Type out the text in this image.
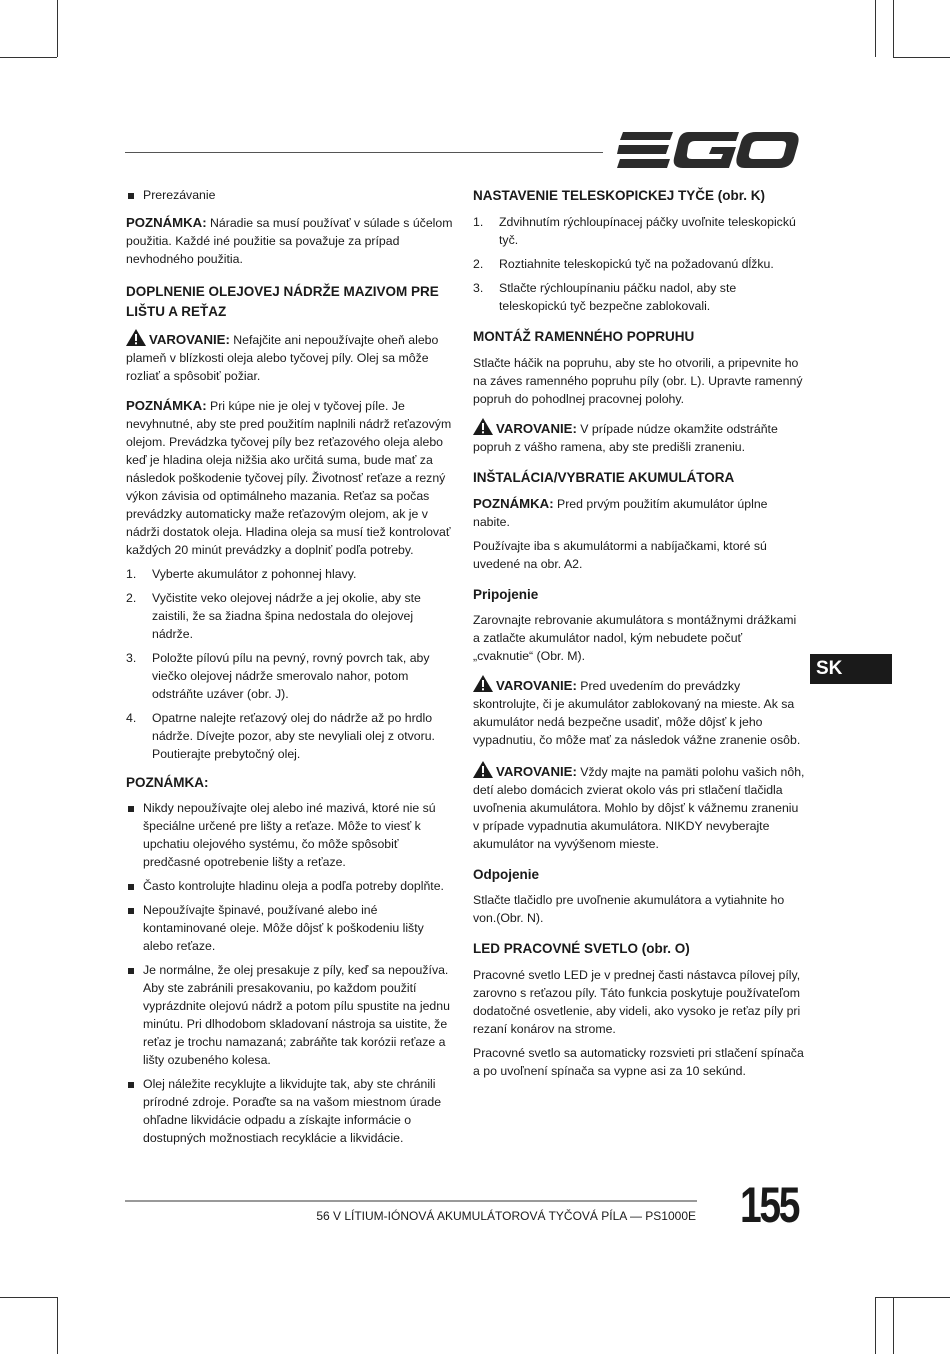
Prerezávanie

POZNÁMKA: Náradie sa musí používať v súlade s účelom použitia. Každé iné použitie sa považuje za prípad nevhodného použitia.

DOPLNENIE OLEJOVEJ NÁDRŽE MAZIVOM PRE LIŠTU A REŤAZ

VAROVANIE: Nefajčite ani nepoužívajte oheň alebo plameň v blízkosti oleja alebo tyčovej píly. Olej sa môže rozliať a spôsobiť požiar.

POZNÁMKA: Pri kúpe nie je olej v tyčovej píle. Je nevyhnutné, aby ste pred použitím naplnili nádrž reťazovým olejom. Prevádzka tyčovej píly bez reťazového oleja alebo keď je hladina oleja nižšia ako určitá suma, bude mať za následok poškodenie tyčovej píly. Životnosť reťaze a rezný výkon závisia od optimálneho mazania. Reťaz sa počas prevádzky automaticky maže reťazovým olejom, ak je v nádrži dostatok oleja. Hladina oleja sa musí tiež kontrolovať každých 20 minút prevádzky a doplniť podľa potreby.

1. Vyberte akumulátor z pohonnej hlavy.
2. Vyčistite veko olejovej nádrže a jej okolie, aby ste zaistili, že sa žiadna špina nedostala do olejovej nádrže.
3. Položte pílovú pílu na pevný, rovný povrch tak, aby viečko olejovej nádrže smerovalo nahor, potom odstráňte uzáver (obr. J).
4. Opatrne nalejte reťazový olej do nádrže až po hrdlo nádrže. Dívejte pozor, aby ste nevyliali olej z otvoru. Poutierajte prebytočný olej.
POZNÁMKA:
Nikdy nepoužívajte olej alebo iné mazivá, ktoré nie sú špeciálne určené pre lišty a reťaze. Môže to viesť k upchatiu olejového systému, čo môže spôsobiť predčasné opotrebenie lišty a reťaze.
Často kontrolujte hladinu oleja a podľa potreby doplňte.
Nepoužívajte špinavé, používané alebo iné kontaminované oleje. Môže dôjsť k poškodeniu lišty alebo reťaze.
Je normálne, že olej presakuje z píly, keď sa nepoužíva. Aby ste zabránili presakovaniu, po každom použití vyprázdnite olejovú nádrž a potom pílu spustite na jednu minútu. Pri dlhodobom skladovaní nástroja sa uistite, že reťaz je trochu namazaná; zabráňte tak korózii reťaze a lišty ozubeného kolesa.
Olej náležite recyklujte a likvidujte tak, aby ste chránili prírodné zdroje. Poraďte sa na vašom miestnom úrade ohľadne likvidácie odpadu a získajte informácie o dostupných možnostiach recyklácie a likvidácie.
NASTAVENIE TELESKOPICKEJ TYČE (obr. K)
1. Zdvihnutím rýchloupínacej páčky uvoľnite teleskopickú tyč.
2. Roztiahnite teleskopickú tyč na požadovanú dĺžku.
3. Stlačte rýchloupínaniu páčku nadol, aby ste teleskopickú tyč bezpečne zablokovali.
MONTÁŽ RAMENNÉHO POPRUHU

Stlačte háčik na popruhu, aby ste ho otvorili, a pripevnite ho na záves ramenného popruhu píly (obr. L). Upravte ramenný popruh do pohodlnej pracovnej polohy.

VAROVANIE: V prípade núdze okamžite odstráňte popruh z vášho ramena, aby ste predišli zraneniu.

INŠTALÁCIA/VYBRATIE AKUMULÁTORA

POZNÁMKA: Pred prvým použitím akumulátor úplne nabite.

Používajte iba s akumulátormi a nabíjačkami, ktoré sú uvedené na obr. A2.

Pripojenie

Zarovnajte rebrovanie akumulátora s montážnymi drážkami a zatlačte akumulátor nadol, kým nebudete počuť „cvaknutie“ (Obr. M).

VAROVANIE: Pred uvedením do prevádzky skontrolujte, či je akumulátor zablokovaný na mieste. Ak sa akumulátor nedá bezpečne usadiť, môže dôjsť k jeho vypadnutiu, čo môže mať za následok vážne zranenie osôb.

VAROVANIE: Vždy majte na pamäti polohu vašich nôh, detí alebo domácich zvierat okolo vás pri stlačení tlačidla uvoľnenia akumulátora. Mohlo by dôjsť k vážnemu zraneniu v prípade vypadnutia akumulátora. NIKDY nevyberajte akumulátor na vyvýšenom mieste.

Odpojenie

Stlačte tlačidlo pre uvoľnenie akumulátora a vytiahnite ho von.(Obr. N).

LED PRACOVNÉ SVETLO (obr. O)

Pracovné svetlo LED je v prednej časti nástavca pílovej píly, zarovno s reťazou píly. Táto funkcia poskytuje používateľom dodatočné osvetlenie, aby videli, ako vysoko je reťaz píly pri rezaní konárov na strome.

Pracovné svetlo sa automaticky rozsvieti pri stlačení spínača a po uvoľnení spínača sa vypne asi za 10 sekúnd.

SK
56 V LÍTIUM-IÓNOVÁ AKUMULÁTOROVÁ TYČOVÁ PÍLA — PS1000E 155
